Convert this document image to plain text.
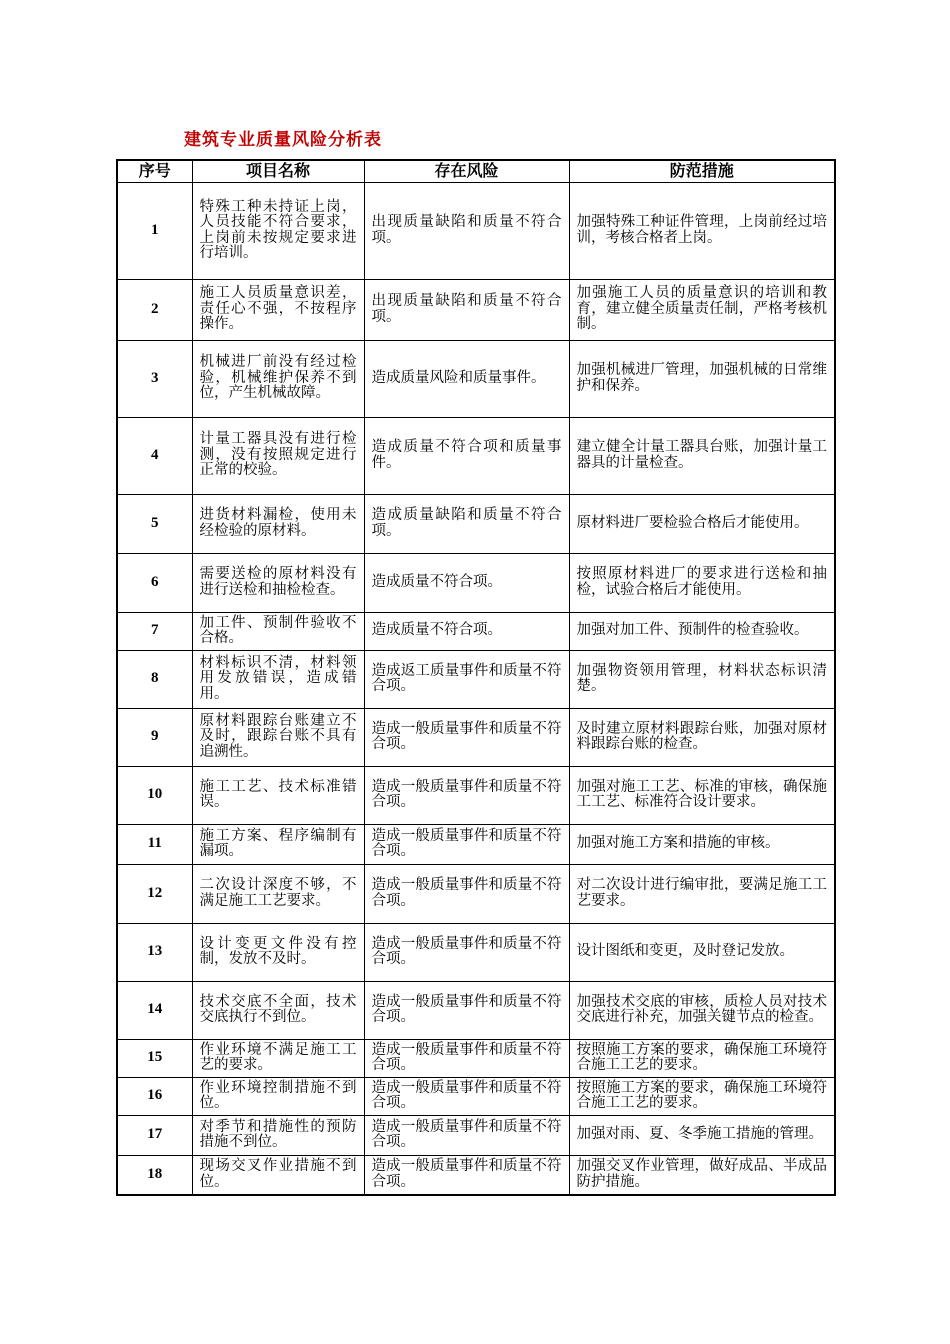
建筑专业质量风险分析表
序号	项目名称	存在风险	防范措施
1	特殊工种未持证上岗，人员技能不符合要求，上岗前未按规定要求进行培训。	出现质量缺陷和质量不符合项。	加强特殊工种证件管理，上岗前经过培训，考核合格者上岗。
2	施工人员质量意识差，责任心不强，不按程序操作。	出现质量缺陷和质量不符合项。	加强施工人员的质量意识的培训和教育，建立健全质量责任制，严格考核机制。
3	机械进厂前没有经过检验，机械维护保养不到位，产生机械故障。	造成质量风险和质量事件。	加强机械进厂管理，加强机械的日常维护和保养。
4	计量工器具没有进行检测，没有按照规定进行正常的校验。	造成质量不符合项和质量事件。	建立健全计量工器具台账，加强计量工器具的计量检查。
5	进货材料漏检，使用未经检验的原材料。	造成质量缺陷和质量不符合项。	原材料进厂要检验合格后才能使用。
6	需要送检的原材料没有进行送检和抽检检查。	造成质量不符合项。	按照原材料进厂的要求进行送检和抽检，试验合格后才能使用。
7	加工件、预制件验收不合格。	造成质量不符合项。	加强对加工件、预制件的检查验收。
8	材料标识不清，材料领用发放错误，造成错用。	造成返工质量事件和质量不符合项。	加强物资领用管理，材料状态标识清楚。
9	原材料跟踪台账建立不及时，跟踪台账不具有追溯性。	造成一般质量事件和质量不符合项。	及时建立原材料跟踪台账，加强对原材料跟踪台账的检查。
10	施工工艺、技术标准错误。	造成一般质量事件和质量不符合项。	加强对施工工艺、标准的审核，确保施工工艺、标准符合设计要求。
11	施工方案、程序编制有漏项。	造成一般质量事件和质量不符合项。	加强对施工方案和措施的审核。
12	二次设计深度不够，不满足施工工艺要求。	造成一般质量事件和质量不符合项。	对二次设计进行编审批，要满足施工工艺要求。
13	设计变更文件没有控制，发放不及时。	造成一般质量事件和质量不符合项。	设计图纸和变更，及时登记发放。
14	技术交底不全面，技术交底执行不到位。	造成一般质量事件和质量不符合项。	加强技术交底的审核，质检人员对技术交底进行补充，加强关键节点的检查。
15	作业环境不满足施工工艺的要求。	造成一般质量事件和质量不符合项。	按照施工方案的要求，确保施工环境符合施工工艺的要求。
16	作业环境控制措施不到位。	造成一般质量事件和质量不符合项。	按照施工方案的要求，确保施工环境符合施工工艺的要求。
17	对季节和措施性的预防措施不到位。	造成一般质量事件和质量不符合项。	加强对雨、夏、冬季施工措施的管理。
18	现场交叉作业措施不到位。	造成一般质量事件和质量不符合项。	加强交叉作业管理，做好成品、半成品防护措施。
